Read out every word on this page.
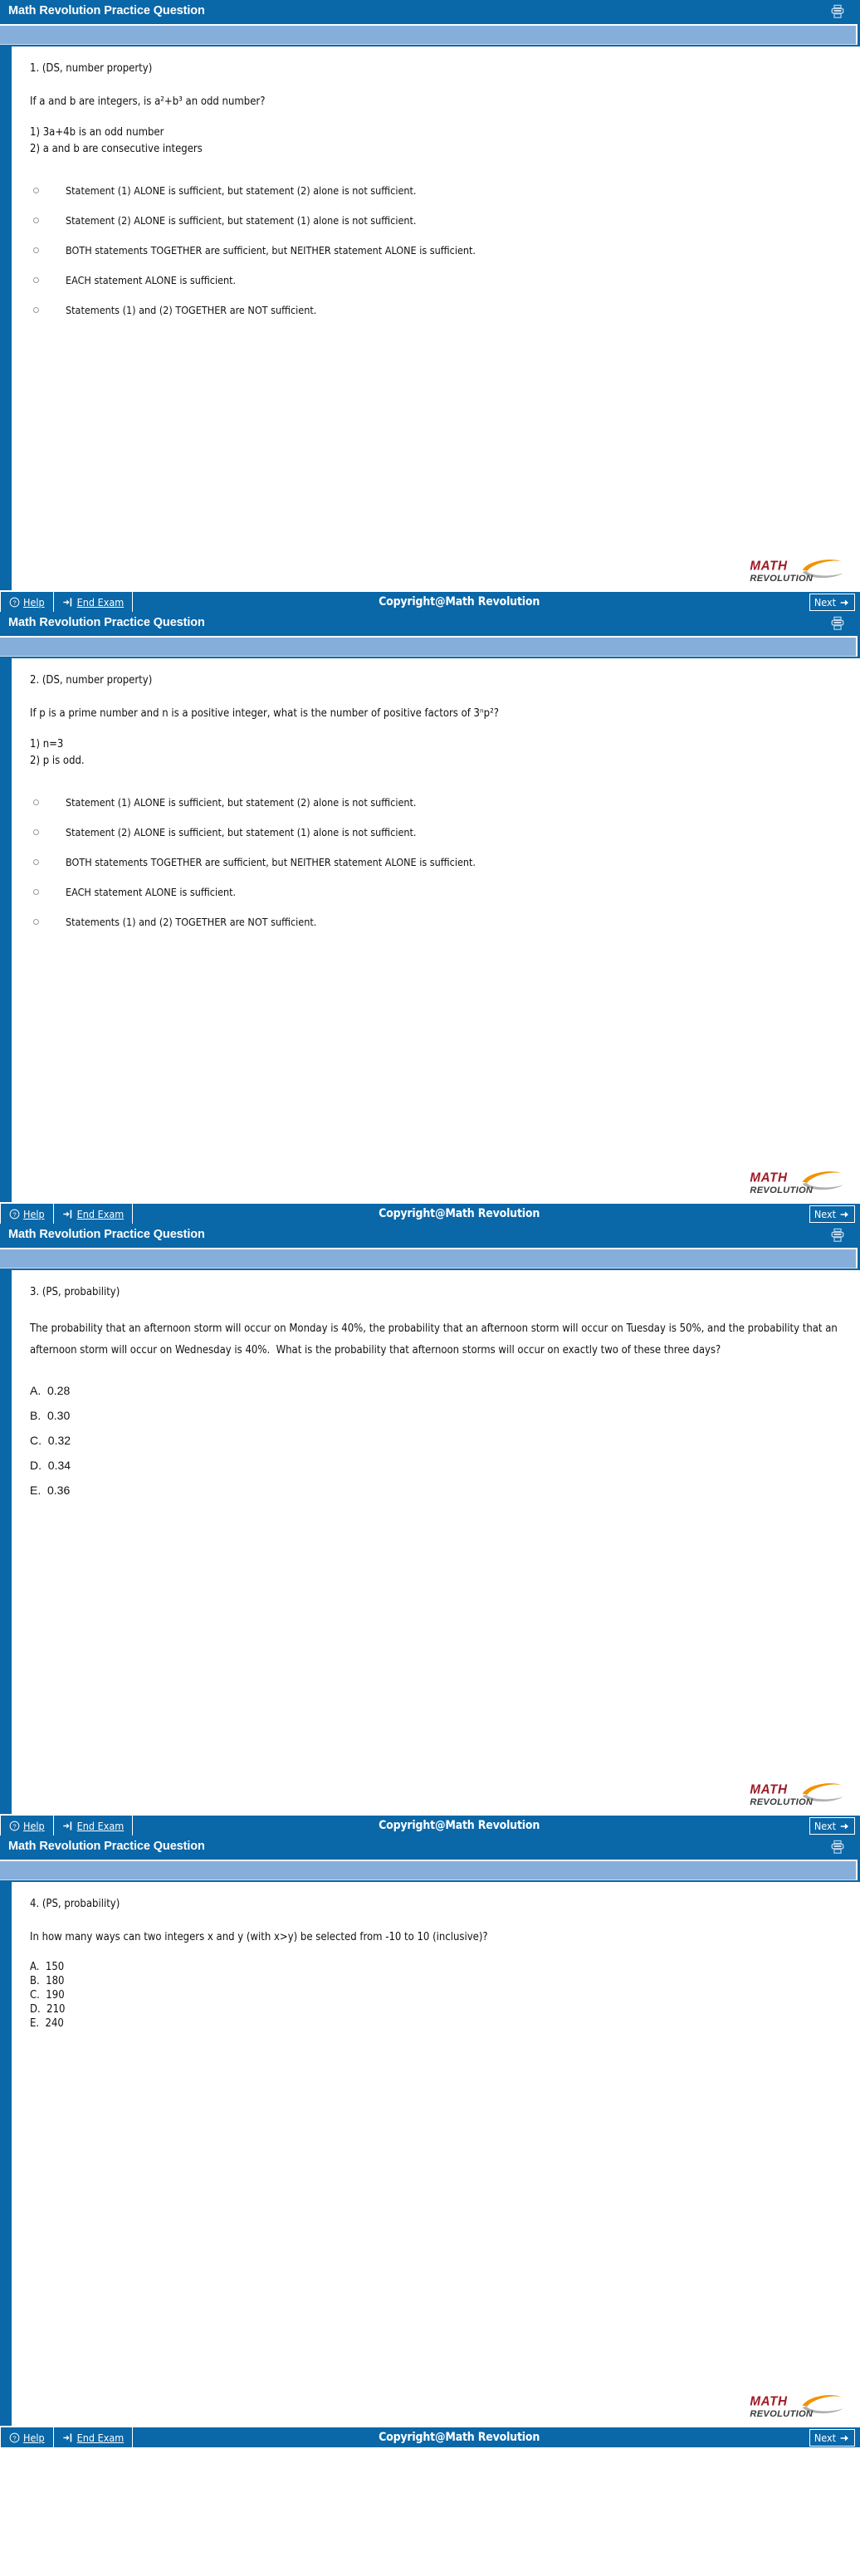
Math Revolution Practice Question
1. (DS, number property)
If a and b are integers, is a²+b³ an odd number?
1) 3a+4b is an odd number
2) a and b are consecutive integers
Statement (1) ALONE is sufficient, but statement (2) alone is not sufficient.
Statement (2) ALONE is sufficient, but statement (1) alone is not sufficient.
BOTH statements TOGETHER are sufficient, but NEITHER statement ALONE is sufficient.
EACH statement ALONE is sufficient.
Statements (1) and (2) TOGETHER are NOT sufficient.
MATH
REVOLUTION
? Help	End Exam	Copyright@Math Revolution	Next
Math Revolution Practice Question
2. (DS, number property)
If p is a prime number and n is a positive integer, what is the number of positive factors of 3ⁿp²?
1) n=3
2) p is odd.
Statement (1) ALONE is sufficient, but statement (2) alone is not sufficient.
Statement (2) ALONE is sufficient, but statement (1) alone is not sufficient.
BOTH statements TOGETHER are sufficient, but NEITHER statement ALONE is sufficient.
EACH statement ALONE is sufficient.
Statements (1) and (2) TOGETHER are NOT sufficient.
MATH
REVOLUTION
? Help	End Exam	Copyright@Math Revolution	Next
Math Revolution Practice Question
3. (PS, probability)
The probability that an afternoon storm will occur on Monday is 40%, the probability that an afternoon storm will occur on Tuesday is 50%, and the probability that an afternoon storm will occur on Wednesday is 40%.  What is the probability that afternoon storms will occur on exactly two of these three days?
A.  0.28
B.  0.30
C.  0.32
D.  0.34
E.  0.36
MATH
REVOLUTION
? Help	End Exam	Copyright@Math Revolution	Next
Math Revolution Practice Question
4. (PS, probability)
In how many ways can two integers x and y (with x>y) be selected from -10 to 10 (inclusive)?
A.  150
B.  180
C.  190
D.  210
E.  240
MATH
REVOLUTION
? Help	End Exam	Copyright@Math Revolution	Next
